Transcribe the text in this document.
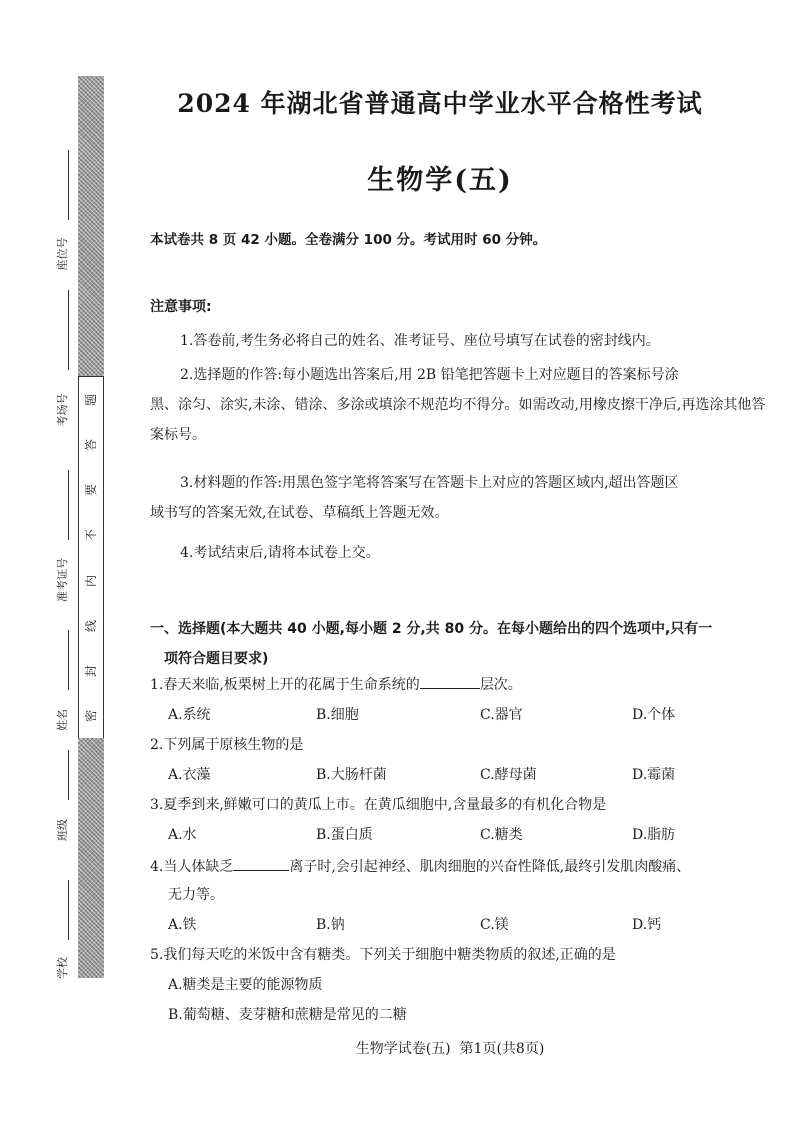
题
答
要
不
内
线
封
密
座位号
考场号
准考证号
姓名
班级
学校
2024 年湖北省普通高中学业水平合格性考试
生物学(五)
本试卷共 8 页 42 小题。全卷满分 100 分。考试用时 60 分钟。
注意事项:
1.答卷前,考生务必将自己的姓名、准考证号、座位号填写在试卷的密封线内。
2.选择题的作答:每小题选出答案后,用 2B 铅笔把答题卡上对应题目的答案标号涂
黑、涂匀、涂实,未涂、错涂、多涂或填涂不规范均不得分。如需改动,用橡皮擦干净后,再选涂其他答案标号。
3.材料题的作答:用黑色签字笔将答案写在答题卡上对应的答题区域内,超出答题区
域书写的答案无效,在试卷、草稿纸上答题无效。
4.考试结束后,请将本试卷上交。
一、选择题(本大题共 40 小题,每小题 2 分,共 80 分。在每小题给出的四个选项中,只有一
项符合题目要求)
1.春天来临,板栗树上开的花属于生命系统的	层次。
A.系统	B.细胞	C.器官	D.个体
2.下列属于原核生物的是
A.衣藻	B.大肠杆菌	C.酵母菌	D.霉菌
3.夏季到来,鲜嫩可口的黄瓜上市。在黄瓜细胞中,含量最多的有机化合物是
A.水	B.蛋白质	C.糖类	D.脂肪
4.当人体缺乏	离子时,会引起神经、肌肉细胞的兴奋性降低,最终引发肌肉酸痛、
无力等。
A.铁	B.钠	C.镁	D.钙
5.我们每天吃的米饭中含有糖类。下列关于细胞中糖类物质的叙述,正确的是
A.糖类是主要的能源物质
B.葡萄糖、麦芽糖和蔗糖是常见的二糖
生物学试卷(五)  第1页(共8页)
